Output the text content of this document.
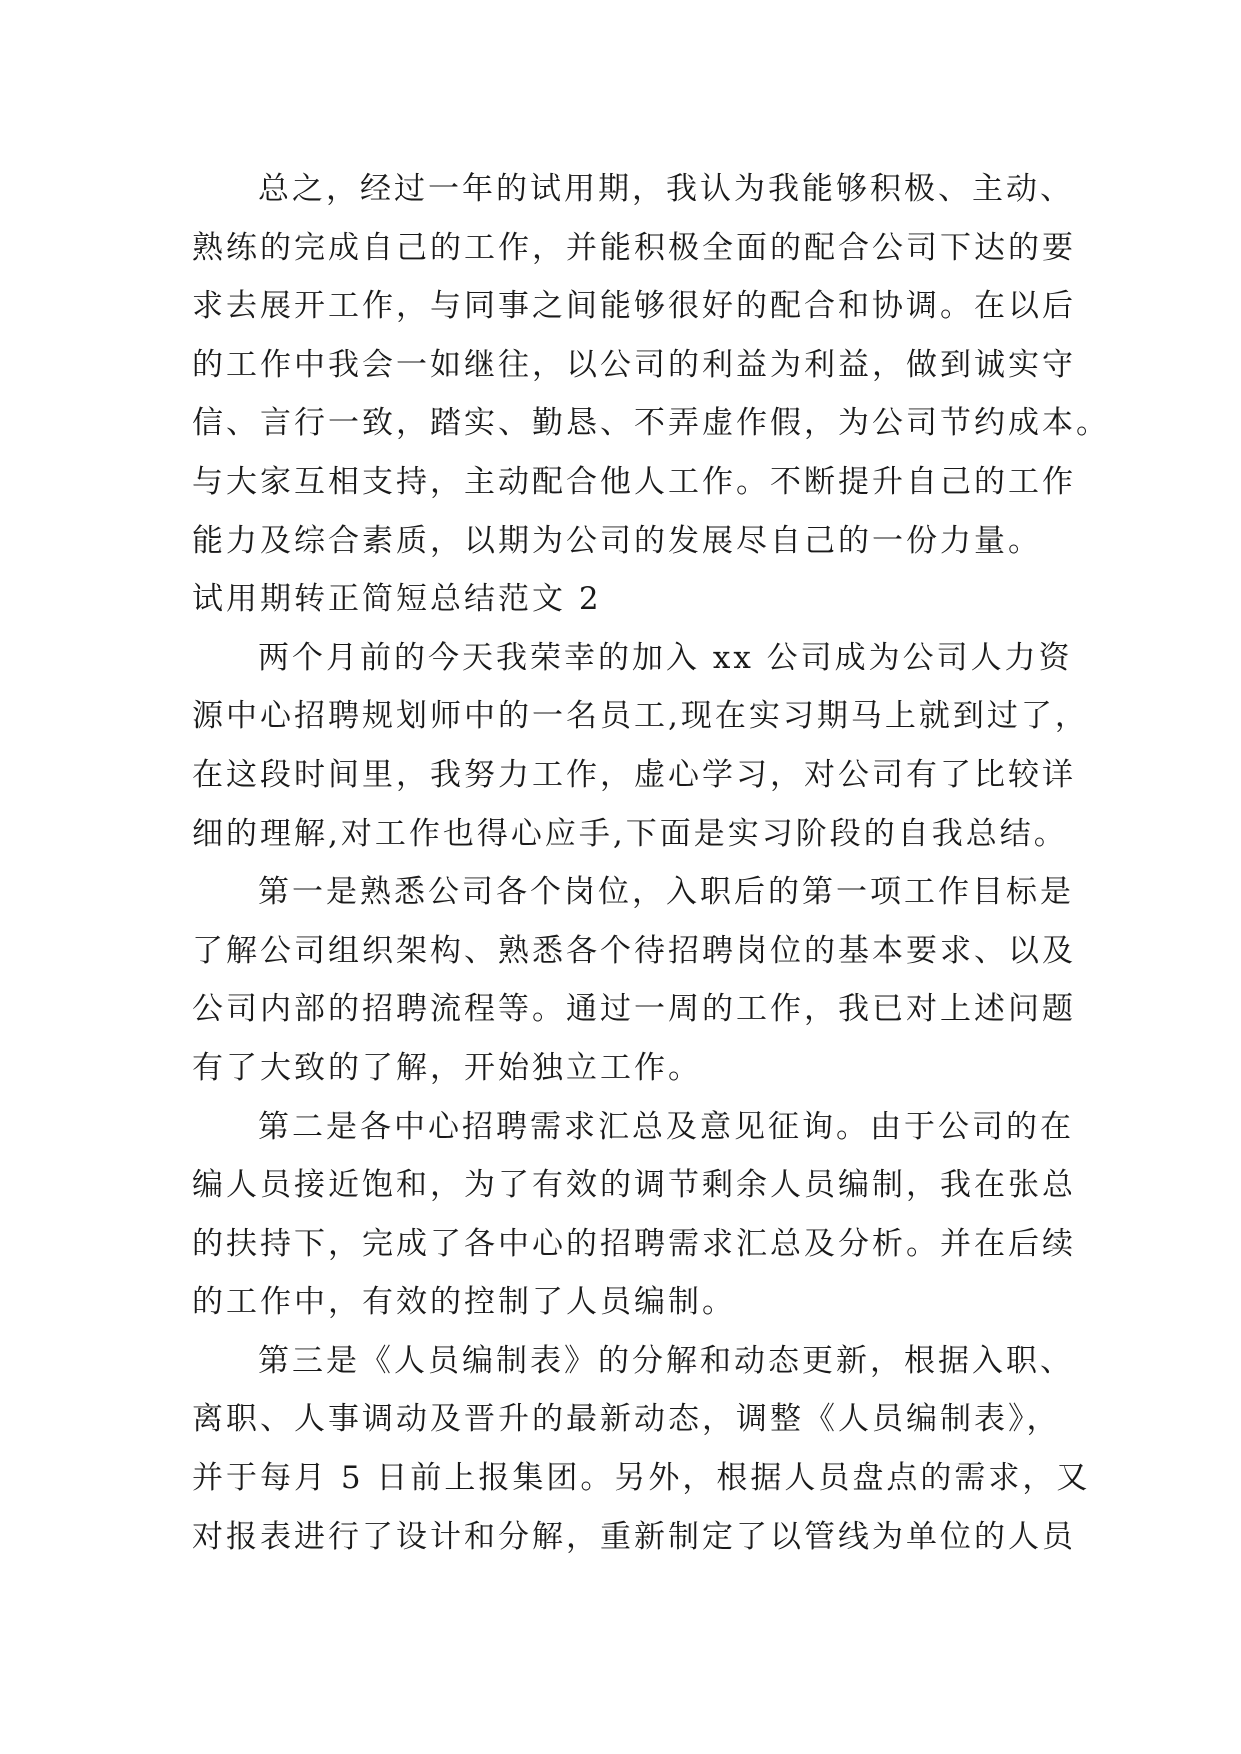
总之，经过一年的试用期，我认为我能够积极、主动、
熟练的完成自己的工作，并能积极全面的配合公司下达的要
求去展开工作，与同事之间能够很好的配合和协调。在以后
的工作中我会一如继往，以公司的利益为利益，做到诚实守
信、言行一致，踏实、勤恳、不弄虚作假，为公司节约成本。
与大家互相支持，主动配合他人工作。不断提升自己的工作
能力及综合素质，以期为公司的发展尽自己的一份力量。
试用期转正简短总结范文 2
两个月前的今天我荣幸的加入 xx 公司成为公司人力资
源中心招聘规划师中的一名员工,现在实习期马上就到过了，
在这段时间里，我努力工作，虚心学习，对公司有了比较详
细的理解,对工作也得心应手,下面是实习阶段的自我总结。
第一是熟悉公司各个岗位，入职后的第一项工作目标是
了解公司组织架构、熟悉各个待招聘岗位的基本要求、以及
公司内部的招聘流程等。通过一周的工作，我已对上述问题
有了大致的了解，开始独立工作。
第二是各中心招聘需求汇总及意见征询。由于公司的在
编人员接近饱和，为了有效的调节剩余人员编制，我在张总
的扶持下，完成了各中心的招聘需求汇总及分析。并在后续
的工作中，有效的控制了人员编制。
第三是《人员编制表》的分解和动态更新，根据入职、
离职、人事调动及晋升的最新动态，调整《人员编制表》，
并于每月 5 日前上报集团。另外，根据人员盘点的需求，又
对报表进行了设计和分解，重新制定了以管线为单位的人员
